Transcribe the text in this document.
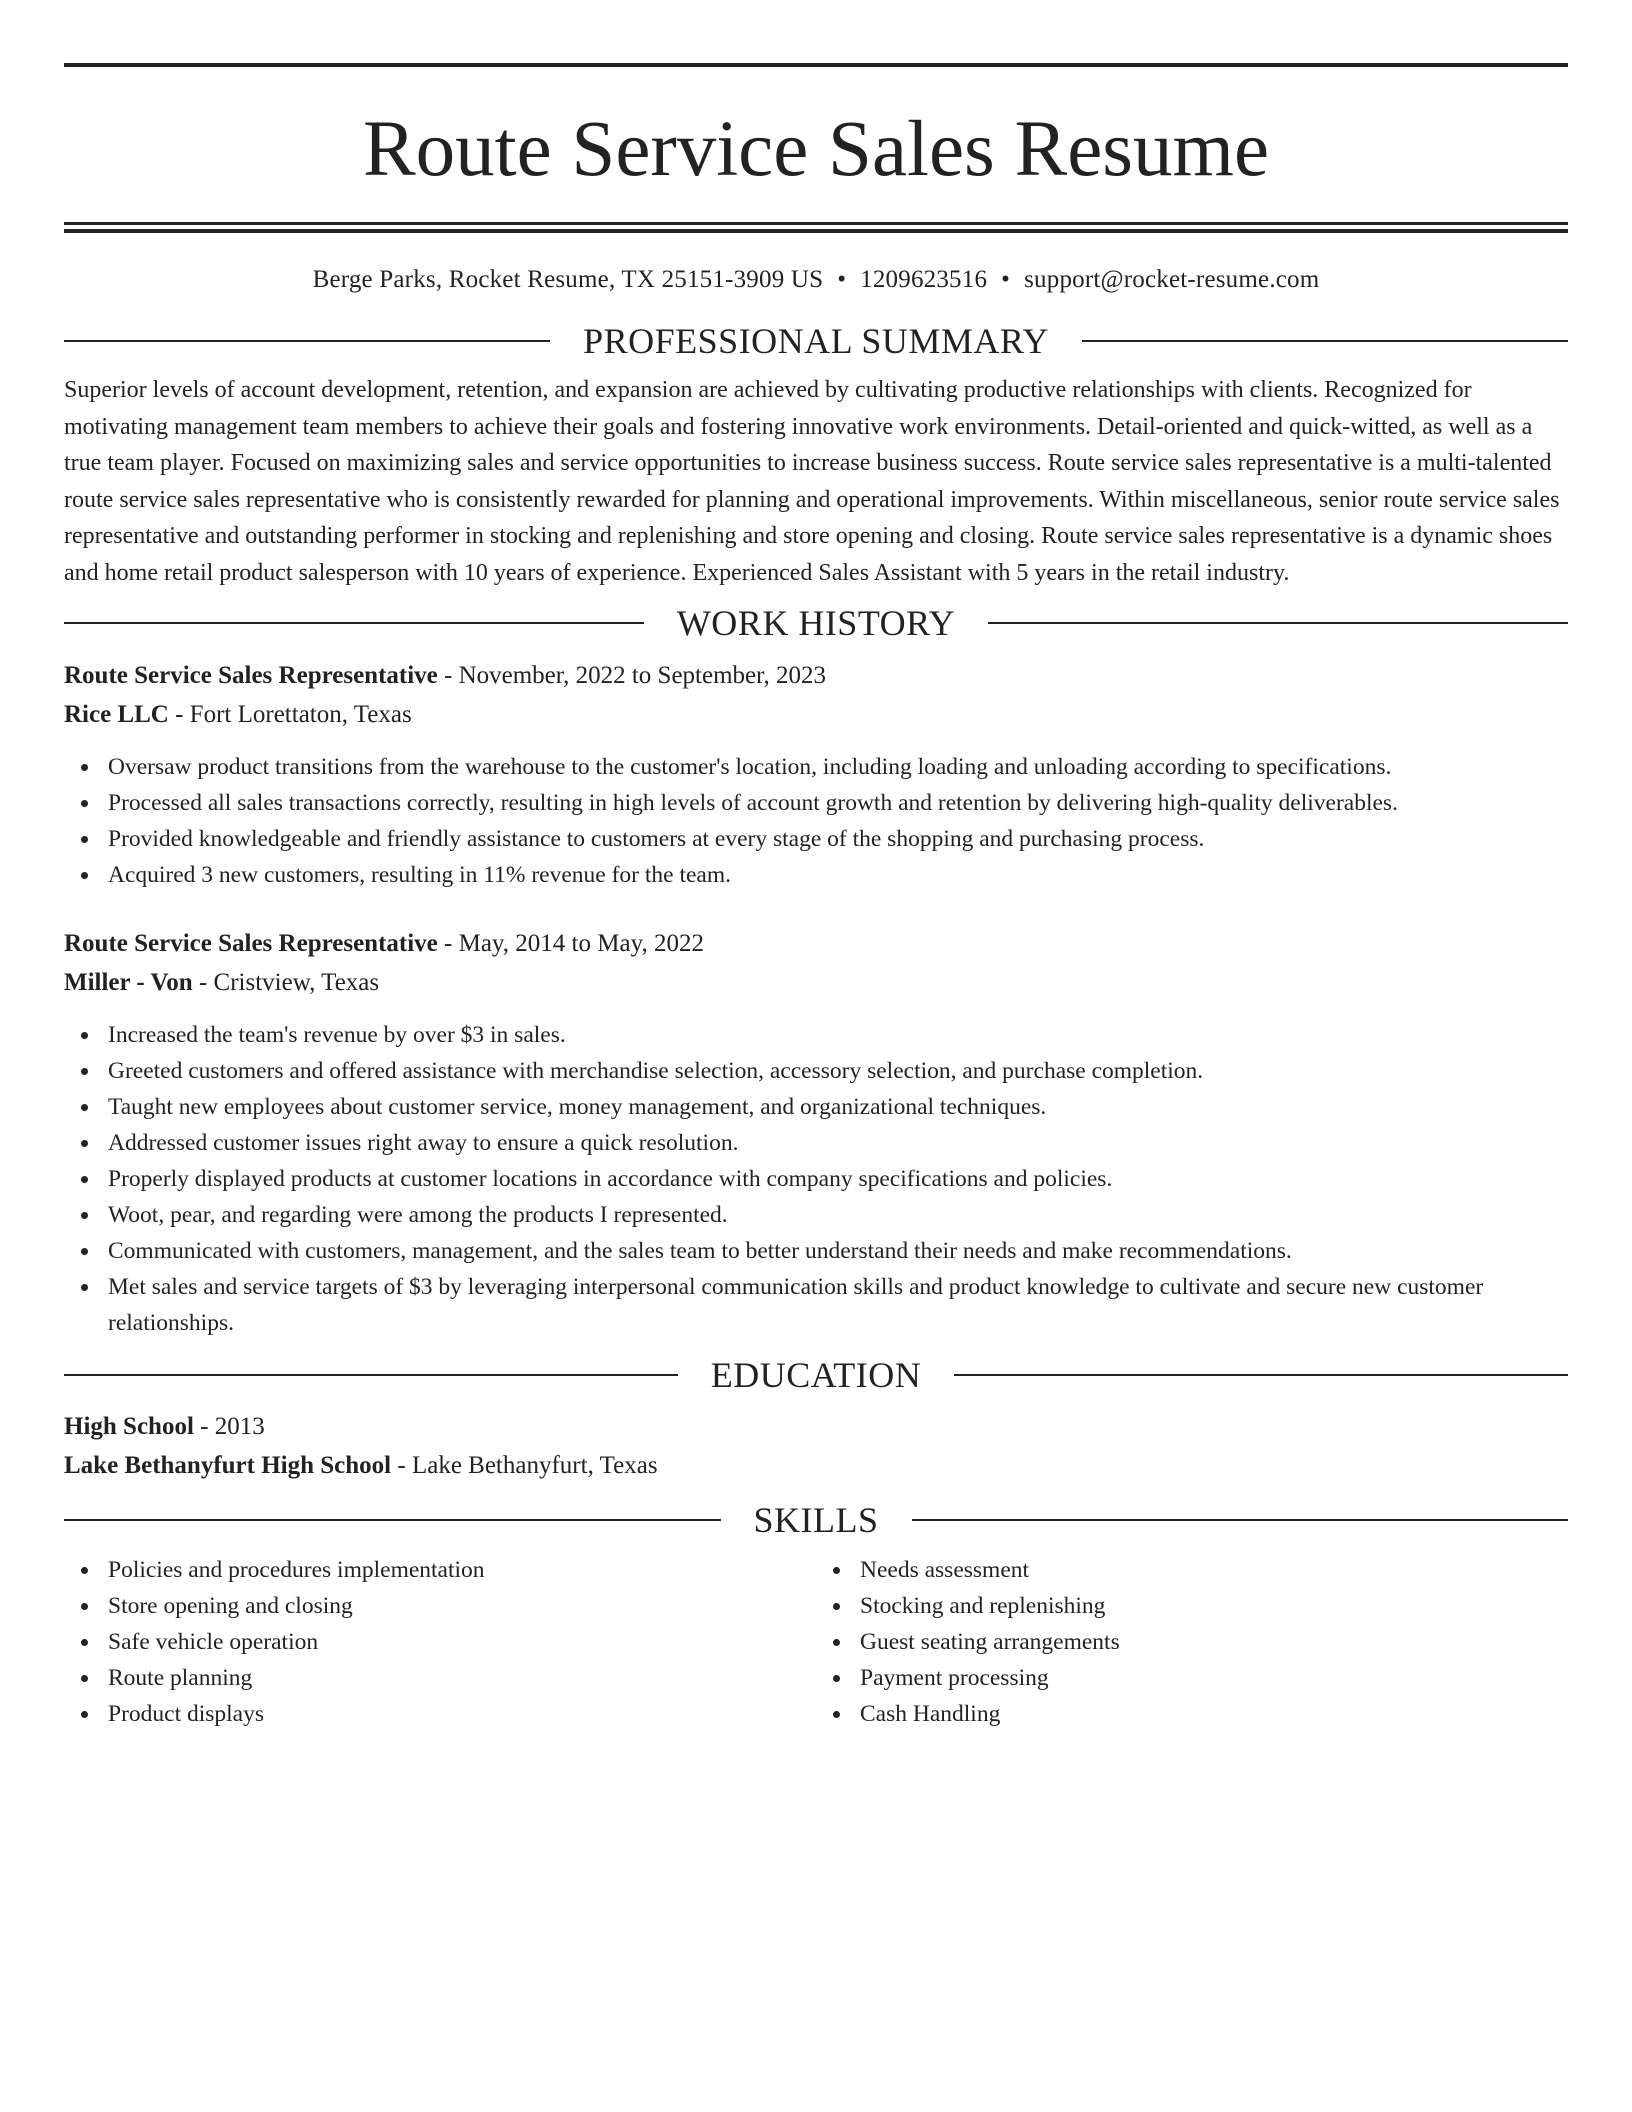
Route Service Sales Resume
Berge Parks, Rocket Resume, TX 25151-3909 US • 1209623516 • support@rocket-resume.com
PROFESSIONAL SUMMARY

Superior levels of account development, retention, and expansion are achieved by cultivating productive relationships with clients. Recognized for motivating management team members to achieve their goals and fostering innovative work environments. Detail-oriented and quick-witted, as well as a true team player. Focused on maximizing sales and service opportunities to increase business success. Route service sales representative is a multi-talented route service sales representative who is consistently rewarded for planning and operational improvements. Within miscellaneous, senior route service sales representative and outstanding performer in stocking and replenishing and store opening and closing. Route service sales representative is a dynamic shoes and home retail product salesperson with 10 years of experience. Experienced Sales Assistant with 5 years in the retail industry.

WORK HISTORY
Route Service Sales Representative - November, 2022 to September, 2023
Rice LLC - Fort Lorettaton, Texas
Oversaw product transitions from the warehouse to the customer's location, including loading and unloading according to specifications.
Processed all sales transactions correctly, resulting in high levels of account growth and retention by delivering high-quality deliverables.
Provided knowledgeable and friendly assistance to customers at every stage of the shopping and purchasing process.
Acquired 3 new customers, resulting in 11% revenue for the team.
Route Service Sales Representative - May, 2014 to May, 2022
Miller - Von - Cristview, Texas
Increased the team's revenue by over $3 in sales.
Greeted customers and offered assistance with merchandise selection, accessory selection, and purchase completion.
Taught new employees about customer service, money management, and organizational techniques.
Addressed customer issues right away to ensure a quick resolution.
Properly displayed products at customer locations in accordance with company specifications and policies.
Woot, pear, and regarding were among the products I represented.
Communicated with customers, management, and the sales team to better understand their needs and make recommendations.
Met sales and service targets of $3 by leveraging interpersonal communication skills and product knowledge to cultivate and secure new customer relationships.
EDUCATION
High School - 2013
Lake Bethanyfurt High School - Lake Bethanyfurt, Texas
SKILLS
Policies and procedures implementation
Store opening and closing
Safe vehicle operation
Route planning
Product displays
Needs assessment
Stocking and replenishing
Guest seating arrangements
Payment processing
Cash Handling
